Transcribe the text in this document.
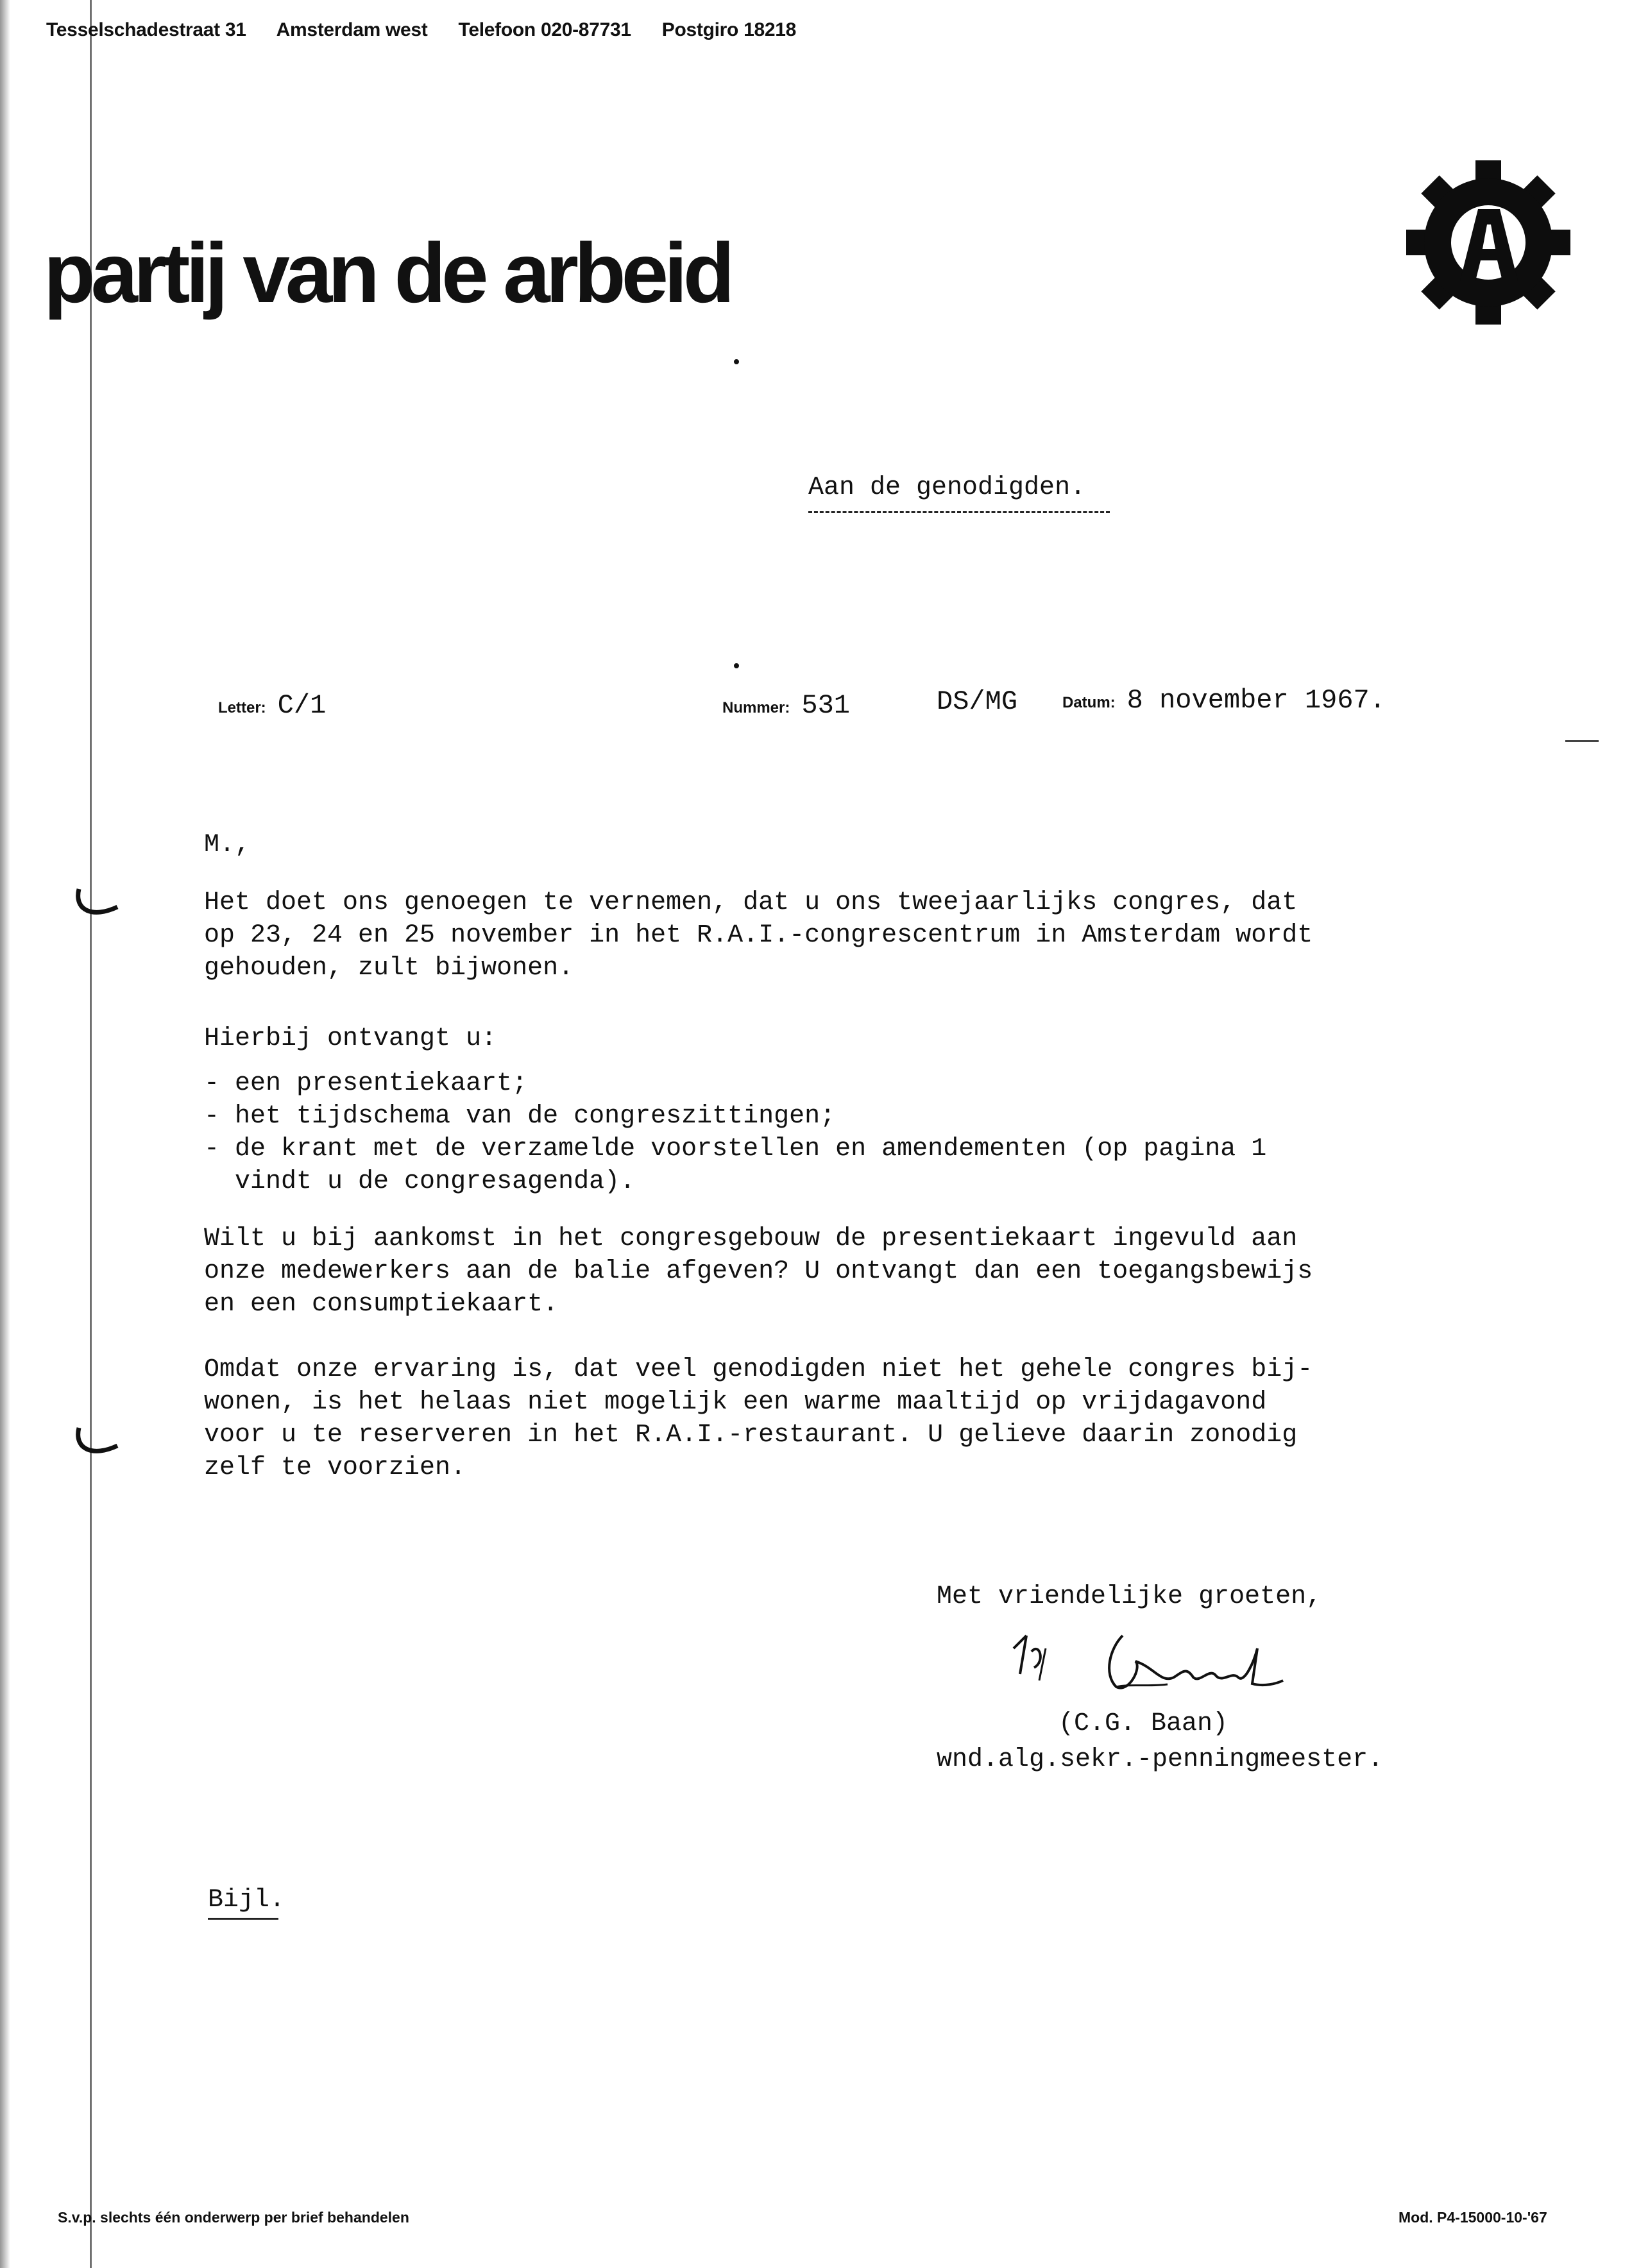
Tesselschadestraat 31 Amsterdam west Telefoon 020-87731 Postgiro 18218
partij van de arbeid
Aan de genodigden.
Letter: C/1	Nummer: 531	DS/MG	Datum: 8 november 1967.
M.,
Het doet ons genoegen te vernemen, dat u ons tweejaarlijks congres, dat
op 23, 24 en 25 november in het R.A.I.-congrescentrum in Amsterdam wordt
gehouden, zult bijwonen.
Hierbij ontvangt u:
- een presentiekaart;
- het tijdschema van de congreszittingen;
- de krant met de verzamelde voorstellen en amendementen (op pagina 1
vindt u de congresagenda).
Wilt u bij aankomst in het congresgebouw de presentiekaart ingevuld aan
onze medewerkers aan de balie afgeven? U ontvangt dan een toegangsbewijs
en een consumptiekaart.
Omdat onze ervaring is, dat veel genodigden niet het gehele congres bij-
wonen, is het helaas niet mogelijk een warme maaltijd op vrijdagavond
voor u te reserveren in het R.A.I.-restaurant. U gelieve daarin zonodig
zelf te voorzien.
Met vriendelijke groeten,
(C.G. Baan)
wnd.alg.sekr.-penningmeester.
Bijl.
S.v.p. slechts één onderwerp per brief behandelen	Mod. P4-15000-10-'67
